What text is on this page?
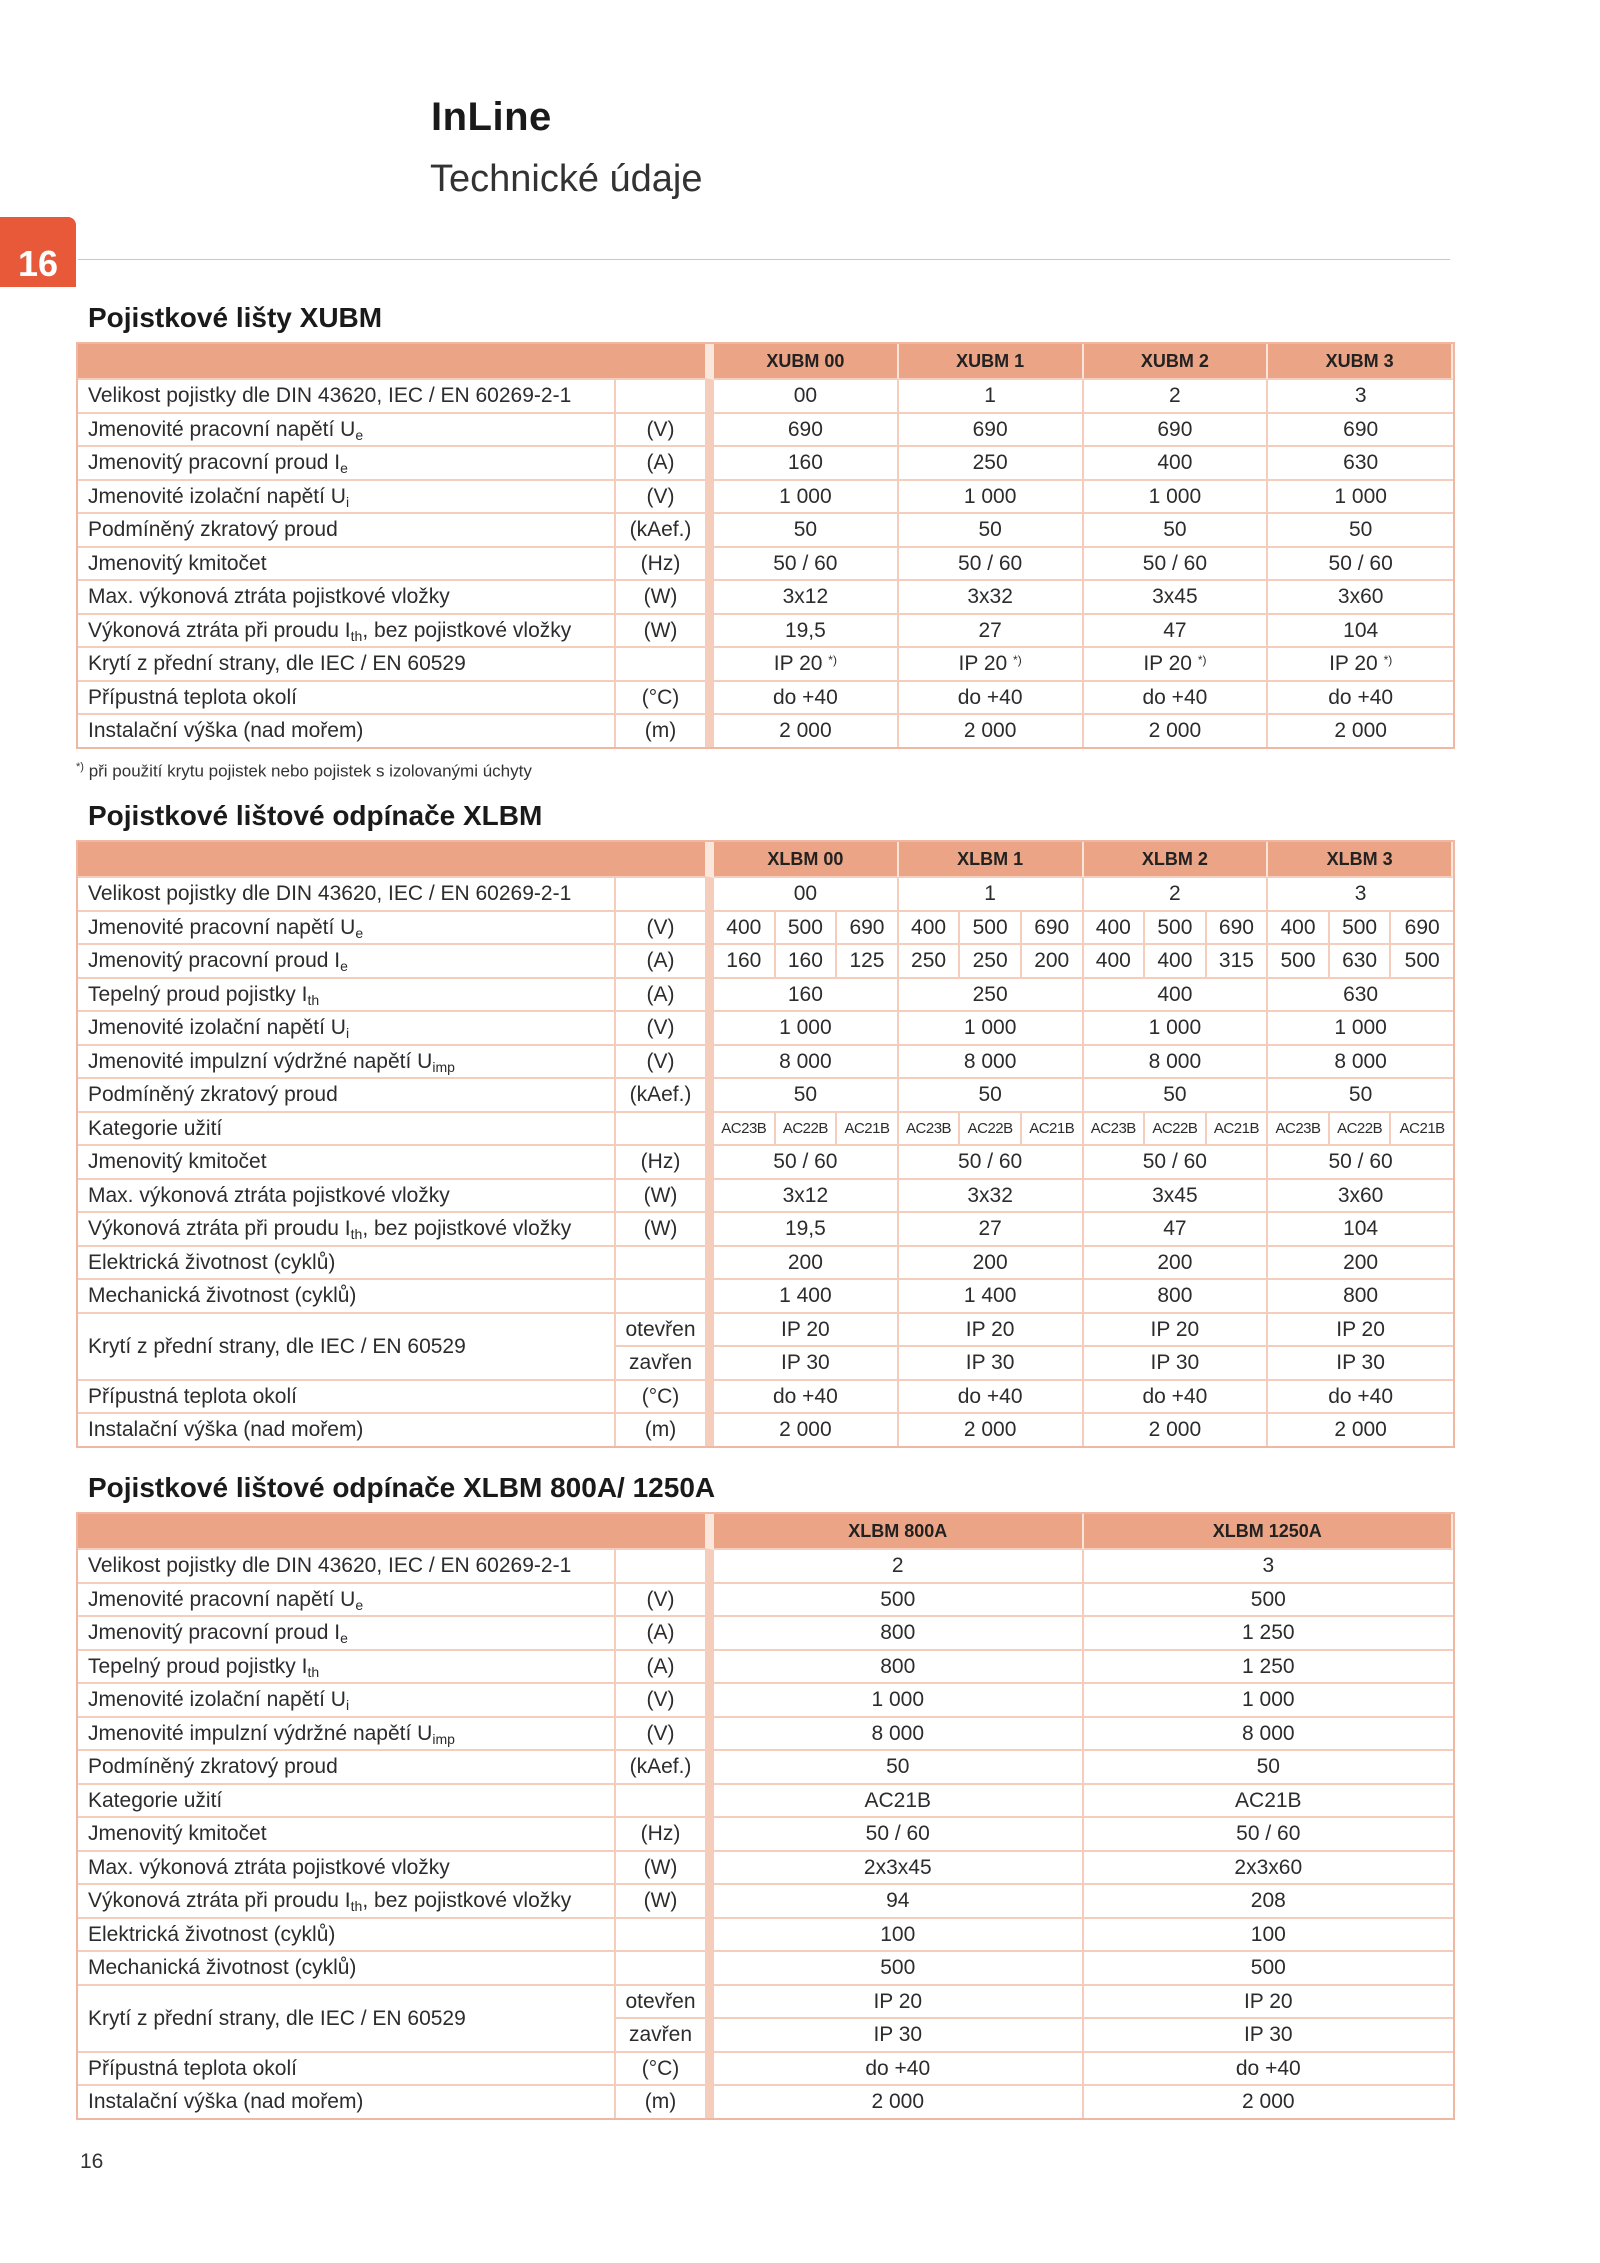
InLine
Technické údaje
16
Pojistkové lišty XUBM
		XUBM 00	XUBM 1	XUBM 2	XUBM 3
Velikost pojistky dle DIN 43620, IEC / EN 60269-2-1		00	1	2	3
Jmenovité pracovní napětí $U_e$	(V)	690	690	690	690
Jmenovitý pracovní proud $I_e$	(A)	160	250	400	630
Jmenovité izolační napětí $U_i$	(V)	1 000	1 000	1 000	1 000
Podmíněný zkratový proud	(kAef.)	50	50	50	50
Jmenovitý kmitočet	(Hz)	50 / 60	50 / 60	50 / 60	50 / 60
Max. výkonová ztráta pojistkové vložky	(W)	3x12	3x32	3x45	3x60
Výkonová ztráta při proudu $I_{th}$, bez pojistkové vložky	(W)	19,5	27	47	104
Krytí z přední strany, dle IEC / EN 60529		IP 20 *)	IP 20 *)	IP 20 *)	IP 20 *)
Přípustná teplota okolí	(°C)	do +40	do +40	do +40	do +40
Instalační výška (nad mořem)	(m)	2 000	2 000	2 000	2 000
*) při použití krytu pojistek nebo pojistek s izolovanými úchyty
Pojistkové lištové odpínače XLBM
		XLBM 00			XLBM 1			XLBM 2			XLBM 3		
Velikost pojistky dle DIN 43620, IEC / EN 60269-2-1		00			1			2			3		
Jmenovité pracovní napětí $U_e$	(V)	400	500	690	400	500	690	400	500	690	400	500	690
Jmenovitý pracovní proud $I_e$	(A)	160	160	125	250	250	200	400	400	315	500	630	500
Tepelný proud pojistky $I_{th}$	(A)	160			250			400			630		
Jmenovité izolační napětí $U_i$	(V)	1 000			1 000			1 000			1 000		
Jmenovité impulzní výdržné napětí $U_{imp}$	(V)	8 000			8 000			8 000			8 000		
Podmíněný zkratový proud	(kAef.)	50			50			50			50		
Kategorie užití		AC23B	AC22B	AC21B	AC23B	AC22B	AC21B	AC23B	AC22B	AC21B	AC23B	AC22B	AC21B
Jmenovitý kmitočet	(Hz)	50 / 60			50 / 60			50 / 60			50 / 60		
Max. výkonová ztráta pojistkové vložky	(W)	3x12			3x32			3x45			3x60		
Výkonová ztráta při proudu $I_{th}$, bez pojistkové vložky	(W)	19,5			27			47			104		
Elektrická životnost (cyklů)		200			200			200			200		
Mechanická životnost (cyklů)		1 400			1 400			800			800		
Krytí z přední strany, dle IEC / EN 60529	otevřen	IP 20			IP 20			IP 20			IP 20		
	zavřen	IP 30			IP 30			IP 30			IP 30		
Přípustná teplota okolí	(°C)	do +40			do +40			do +40			do +40		
Instalační výška (nad mořem)	(m)	2 000			2 000			2 000			2 000		
Pojistkové lištové odpínače XLBM 800A/ 1250A
		XLBM 800A	XLBM 1250A
Velikost pojistky dle DIN 43620, IEC / EN 60269-2-1		2	3
Jmenovité pracovní napětí $U_e$	(V)	500	500
Jmenovitý pracovní proud $I_e$	(A)	800	1 250
Tepelný proud pojistky $I_{th}$	(A)	800	1 250
Jmenovité izolační napětí $U_i$	(V)	1 000	1 000
Jmenovité impulzní výdržné napětí $U_{imp}$	(V)	8 000	8 000
Podmíněný zkratový proud	(kAef.)	50	50
Kategorie užití		AC21B	AC21B
Jmenovitý kmitočet	(Hz)	50 / 60	50 / 60
Max. výkonová ztráta pojistkové vložky	(W)	2x3x45	2x3x60
Výkonová ztráta při proudu $I_{th}$, bez pojistkové vložky	(W)	94	208
Elektrická životnost (cyklů)		100	100
Mechanická životnost (cyklů)		500	500
Krytí z přední strany, dle IEC / EN 60529	otevřen	IP 20	IP 20
	zavřen	IP 30	IP 30
Přípustná teplota okolí	(°C)	do +40	do +40
Instalační výška (nad mořem)	(m)	2 000	2 000
16
